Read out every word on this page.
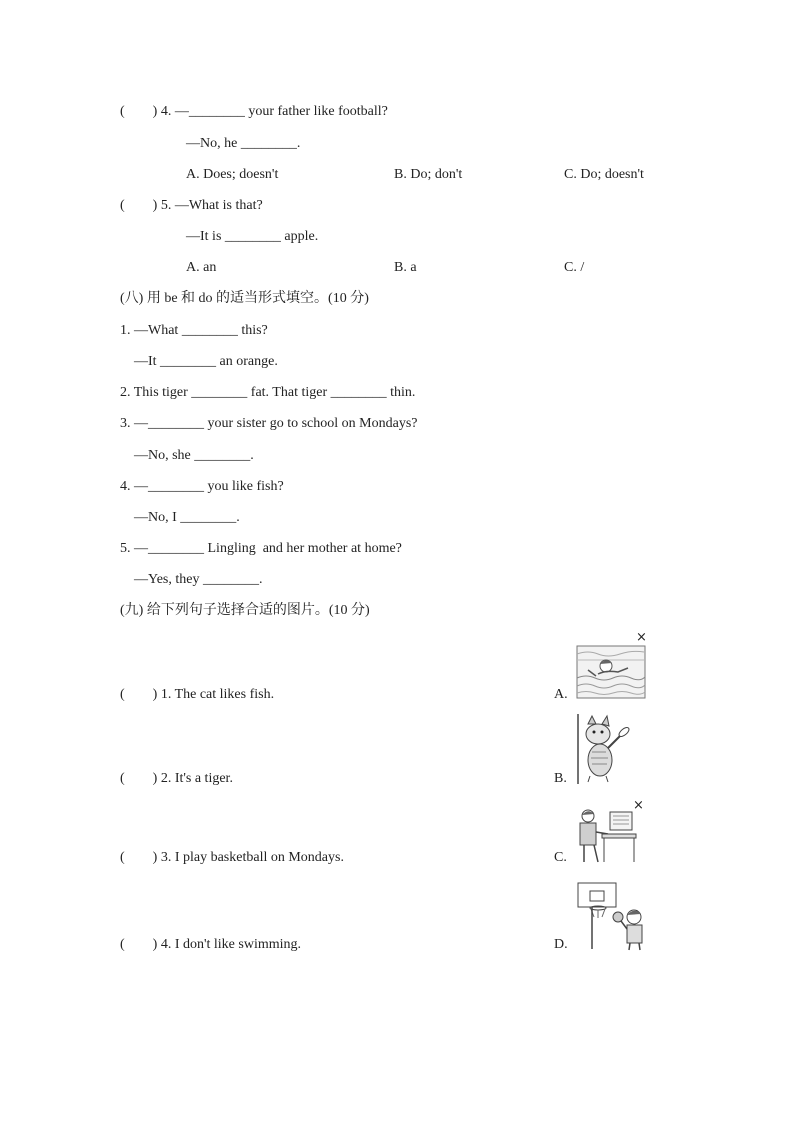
(        ) 4. —________ your father like football?
—No, he ________.
A. Does; doesn't	B. Do; don't	C. Do; doesn't
(        ) 5. —What is that?
—It is ________ apple.
A. an	B. a	C. /
(八) 用 be 和 do 的适当形式填空。(10 分)
1. —What ________ this?
—It ________ an orange.
2. This tiger ________ fat. That tiger ________ thin.
3. —________ your sister go to school on Mondays?
—No, she ________.
4. —________ you like fish?
—No, I ________.
5. —________ Lingling  and her mother at home?
—Yes, they ________.
(九) 给下列句子选择合适的图片。(10 分)
(        ) 1. The cat likes fish.
(        ) 2. It's a tiger.
(        ) 3. I play basketball on Mondays.
(        ) 4. I don't like swimming.
A.
B.
C.
D.
×
×
